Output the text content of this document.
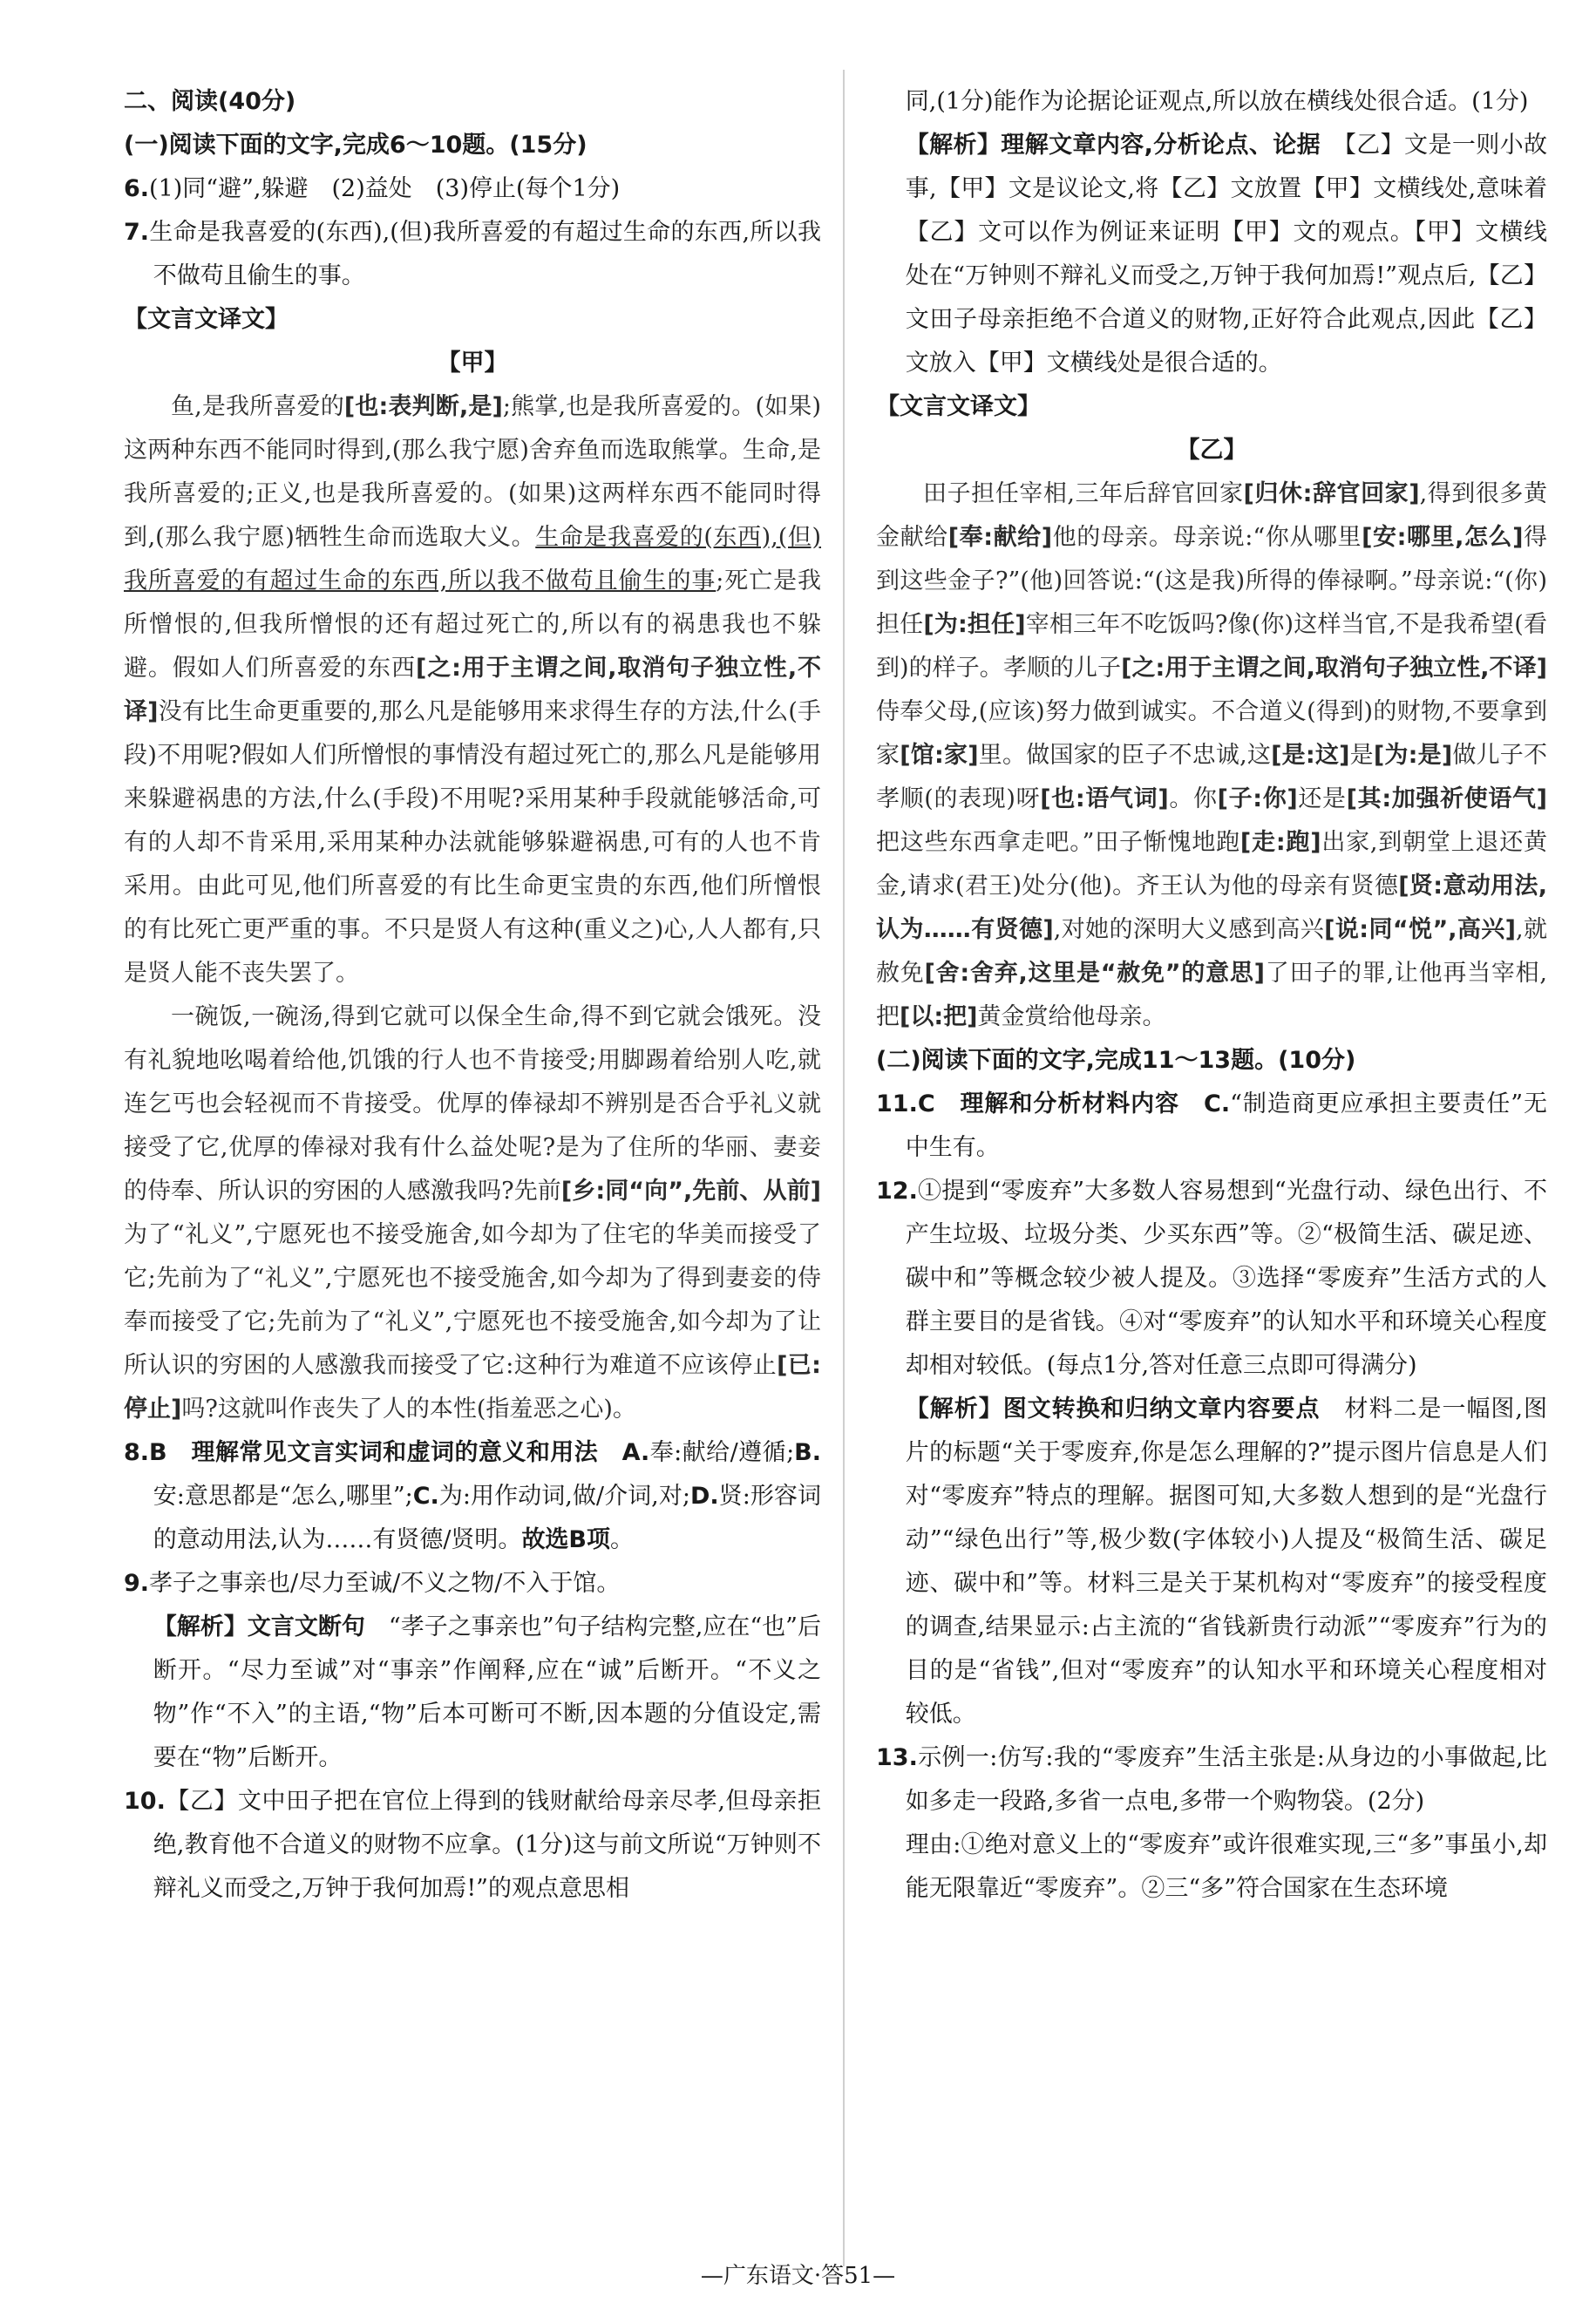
二、阅读(40分)

(一)阅读下面的文字,完成6～10题。(15分)

6.(1)同“避”,躲避　(2)益处　(3)停止(每个1分)

7.生命是我喜爱的(东西),(但)我所喜爱的有超过生命的东西,所以我不做苟且偷生的事。

【文言文译文】

【甲】

鱼,是我所喜爱的[也:表判断,是];熊掌,也是我所喜爱的。(如果)这两种东西不能同时得到,(那么我宁愿)舍弃鱼而选取熊掌。生命,是我所喜爱的;正义,也是我所喜爱的。(如果)这两样东西不能同时得到,(那么我宁愿)牺牲生命而选取大义。生命是我喜爱的(东西),(但)我所喜爱的有超过生命的东西,所以我不做苟且偷生的事;死亡是我所憎恨的,但我所憎恨的还有超过死亡的,所以有的祸患我也不躲避。假如人们所喜爱的东西[之:用于主谓之间,取消句子独立性,不译]没有比生命更重要的,那么凡是能够用来求得生存的方法,什么(手段)不用呢?假如人们所憎恨的事情没有超过死亡的,那么凡是能够用来躲避祸患的方法,什么(手段)不用呢?采用某种手段就能够活命,可有的人却不肯采用,采用某种办法就能够躲避祸患,可有的人也不肯采用。由此可见,他们所喜爱的有比生命更宝贵的东西,他们所憎恨的有比死亡更严重的事。不只是贤人有这种(重义之)心,人人都有,只是贤人能不丧失罢了。

一碗饭,一碗汤,得到它就可以保全生命,得不到它就会饿死。没有礼貌地吆喝着给他,饥饿的行人也不肯接受;用脚踢着给别人吃,就连乞丐也会轻视而不肯接受。优厚的俸禄却不辨别是否合乎礼义就接受了它,优厚的俸禄对我有什么益处呢?是为了住所的华丽、妻妾的侍奉、所认识的穷困的人感激我吗?先前[乡:同“向”,先前、从前]为了“礼义”,宁愿死也不接受施舍,如今却为了住宅的华美而接受了它;先前为了“礼义”,宁愿死也不接受施舍,如今却为了得到妻妾的侍奉而接受了它;先前为了“礼义”,宁愿死也不接受施舍,如今却为了让所认识的穷困的人感激我而接受了它:这种行为难道不应该停止[已:停止]吗?这就叫作丧失了人的本性(指羞恶之心)。

8.B　理解常见文言实词和虚词的意义和用法　A.奉:献给/遵循;B.安:意思都是“怎么,哪里”;C.为:用作动词,做/介词,对;D.贤:形容词的意动用法,认为……有贤德/贤明。故选B项。

9.孝子之事亲也/尽力至诚/不义之物/不入于馆。

【解析】文言文断句　“孝子之事亲也”句子结构完整,应在“也”后断开。“尽力至诚”对“事亲”作阐释,应在“诚”后断开。“不义之物”作“不入”的主语,“物”后本可断可不断,因本题的分值设定,需要在“物”后断开。

10.【乙】文中田子把在官位上得到的钱财献给母亲尽孝,但母亲拒绝,教育他不合道义的财物不应拿。(1分)这与前文所说“万钟则不辩礼义而受之,万钟于我何加焉!”的观点意思相

同,(1分)能作为论据论证观点,所以放在横线处很合适。(1分)

【解析】理解文章内容,分析论点、论据　【乙】文是一则小故事,【甲】文是议论文,将【乙】文放置【甲】文横线处,意味着【乙】文可以作为例证来证明【甲】文的观点。【甲】文横线处在“万钟则不辩礼义而受之,万钟于我何加焉!”观点后,【乙】文田子母亲拒绝不合道义的财物,正好符合此观点,因此【乙】文放入【甲】文横线处是很合适的。

【文言文译文】

【乙】

田子担任宰相,三年后辞官回家[归休:辞官回家],得到很多黄金献给[奉:献给]他的母亲。母亲说:“你从哪里[安:哪里,怎么]得到这些金子?”(他)回答说:“(这是我)所得的俸禄啊。”母亲说:“(你)担任[为:担任]宰相三年不吃饭吗?像(你)这样当官,不是我希望(看到)的样子。孝顺的儿子[之:用于主谓之间,取消句子独立性,不译]侍奉父母,(应该)努力做到诚实。不合道义(得到)的财物,不要拿到家[馆:家]里。做国家的臣子不忠诚,这[是:这]是[为:是]做儿子不孝顺(的表现)呀[也:语气词]。你[子:你]还是[其:加强祈使语气]把这些东西拿走吧。”田子惭愧地跑[走:跑]出家,到朝堂上退还黄金,请求(君王)处分(他)。齐王认为他的母亲有贤德[贤:意动用法,认为……有贤德],对她的深明大义感到高兴[说:同“悦”,高兴],就赦免[舍:舍弃,这里是“赦免”的意思]了田子的罪,让他再当宰相,把[以:把]黄金赏给他母亲。

(二)阅读下面的文字,完成11～13题。(10分)

11.C　理解和分析材料内容　C.“制造商更应承担主要责任”无中生有。

12.①提到“零废弃”大多数人容易想到“光盘行动、绿色出行、不产生垃圾、垃圾分类、少买东西”等。②“极简生活、碳足迹、碳中和”等概念较少被人提及。③选择“零废弃”生活方式的人群主要目的是省钱。④对“零废弃”的认知水平和环境关心程度却相对较低。(每点1分,答对任意三点即可得满分)

【解析】图文转换和归纳文章内容要点　材料二是一幅图,图片的标题“关于零废弃,你是怎么理解的?”提示图片信息是人们对“零废弃”特点的理解。据图可知,大多数人想到的是“光盘行动”“绿色出行”等,极少数(字体较小)人提及“极简生活、碳足迹、碳中和”等。材料三是关于某机构对“零废弃”的接受程度的调查,结果显示:占主流的“省钱新贵行动派”“零废弃”行为的目的是“省钱”,但对“零废弃”的认知水平和环境关心程度相对较低。

13.示例一:仿写:我的“零废弃”生活主张是:从身边的小事做起,比如多走一段路,多省一点电,多带一个购物袋。(2分)

理由:①绝对意义上的“零废弃”或许很难实现,三“多”事虽小,却能无限靠近“零废弃”。②三“多”符合国家在生态环境

—广东语文·答51—
